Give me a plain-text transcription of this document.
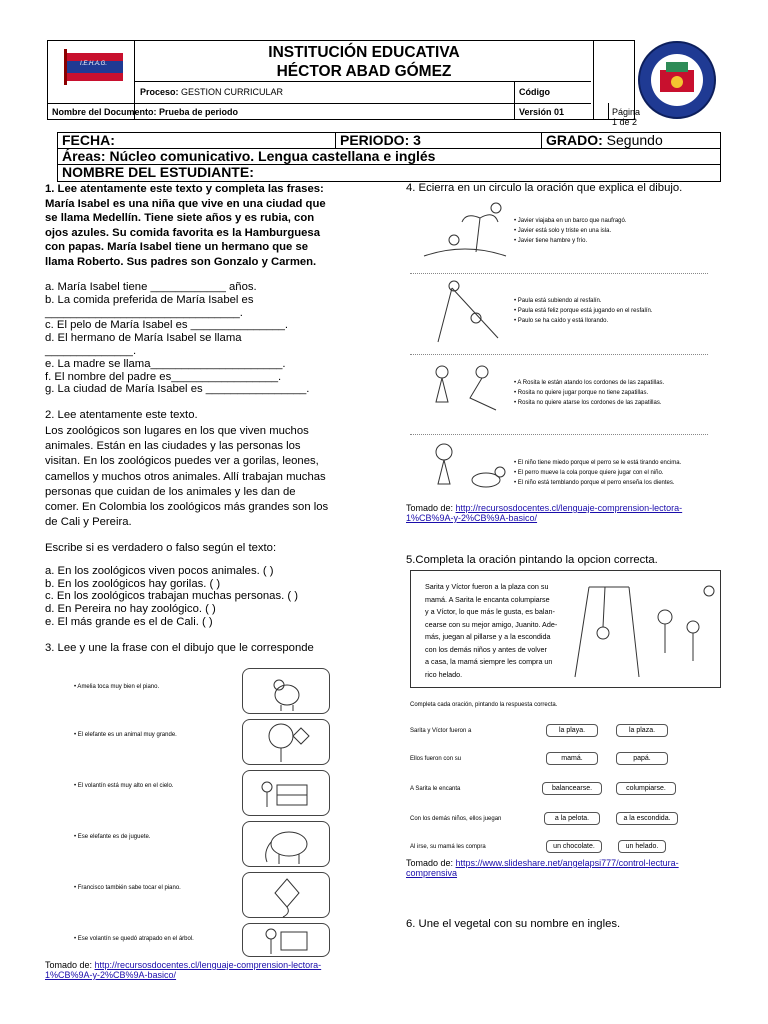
I.E.H.A.G.
INSTITUCIÓN EDUCATIVA
HÉCTOR ABAD GÓMEZ
Proceso: GESTION CURRICULAR	Código
Nombre del Documento: Prueba de periodo	Versión 01	Página 1 de 2
FECHA:	PERIODO: 3	GRADO: Segundo
Áreas: Núcleo comunicativo. Lengua castellana e inglés
NOMBRE DEL ESTUDIANTE:
1. Lee atentamente este texto y completa las frases:
María Isabel es una niña que vive en una ciudad que
se llama Medellín. Tiene siete años y es rubia, con
ojos azules. Su comida favorita es la Hamburguesa
con papas. María Isabel tiene un hermano que se
llama Roberto. Sus padres son Gonzalo y Carmen.
a. María Isabel tiene ____________ años.
b. La comida preferida de María Isabel es
_______________________________.
c. El pelo de María Isabel es _______________.
d. El hermano de María Isabel se llama
______________.
e. La madre se llama_____________________.
f. El nombre del padre es_________________.
g. La ciudad de María Isabel es ________________.
2. Lee atentamente este texto.
Los zoológicos son lugares en los que viven muchos
animales. Están en las ciudades y las personas los
visitan. En los zoológicos puedes ver a gorilas, leones,
camellos y muchos otros animales. Allí trabajan muchas
personas que cuidan de los animales y les dan de
comer. En Colombia los zoológicos más grandes son los
de Cali y Pereira.
Escribe si es verdadero o falso según el texto:
a. En los zoológicos viven pocos animales. ( )
b. En los zoológicos hay gorilas. ( )
c. En los zoológicos trabajan muchas personas. ( )
d. En Pereira no hay zoológico. ( )
e. El más grande es el de Cali. ( )
3. Lee y une la frase con el dibujo que le corresponde
• Amelia toca muy bien el piano.
• El elefante es un animal muy grande.
• El volantín está muy alto en el cielo.
• Ese elefante es de juguete.
• Francisco también sabe tocar el piano.
• Ese volantín se quedó atrapado en el árbol.
Tomado de: http://recursosdocentes.cl/lenguaje-comprension-lectora-
1%CB%9A-y-2%CB%9A-basico/
4. Ecierra en un circulo la oración que explica el dibujo.
• Javier viajaba en un barco que naufragó.
• Javier está solo y triste en una isla.
• Javier tiene hambre y frío.
• Paula está subiendo al resfalín.
• Paula está feliz porque está jugando en el resfalín.
• Paulo se ha caído y está llorando.
• A Rosita le están atando los cordones de las zapatillas.
• Rosita no quiere jugar porque no tiene zapatillas.
• Rosita no quiere atarse los cordones de las zapatillas.
• El niño tiene miedo porque el perro se le está tirando encima.
• El perro mueve la cola porque quiere jugar con el niño.
• El niño está temblando porque el perro enseña los dientes.
Tomado de: http://recursosdocentes.cl/lenguaje-comprension-lectora-
1%CB%9A-y-2%CB%9A-basico/
5.Completa la oración pintando la opcion correcta.
Sarita y Víctor fueron a la plaza con su
mamá. A Sarita le encanta columpiarse
y a Víctor, lo que más le gusta, es balan-
cearse con su mejor amigo, Juanito. Ade-
más, juegan al pillarse y a la escondida
con los demás niños y antes de volver
a casa, la mamá siempre les compra un
rico helado.
Completa cada oración, pintando la respuesta correcta.
Sarita y Víctor fueron a	la playa.	la plaza.
Ellos fueron con su	mamá.	papá.
A Sarita le encanta	balancearse.	columpiarse.
Con los demás niños, ellos juegan	a la pelota.	a la escondida.
Al irse, su mamá les compra	un chocolate.	un helado.
Tomado de: https://www.slideshare.net/angelapsi777/control-lectura-
comprensiva
6. Une el vegetal con su nombre en ingles.
